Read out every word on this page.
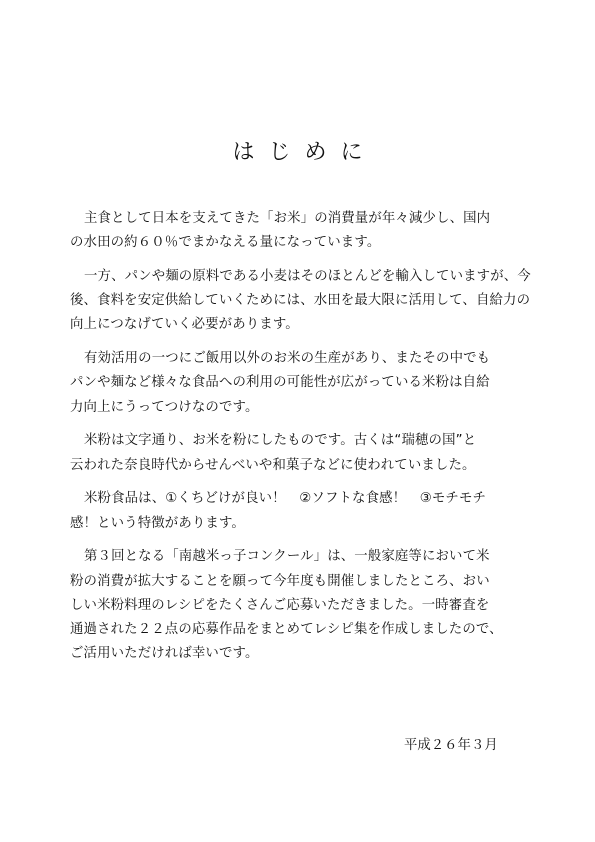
はじめに

主食として日本を支えてきた「お米」の消費量が年々減少し、国内
の水田の約６０％でまかなえる量になっています。

一方、パンや麺の原料である小麦はそのほとんどを輸入していますが、今後、食料を安定供給していくためには、水田を最大限に活用して、自給力の向上につなげていく必要があります。

有効活用の一つにご飯用以外のお米の生産があり、またその中でも
パンや麺など様々な食品への利用の可能性が広がっている米粉は自給
力向上にうってつけなのです。

米粉は文字通り、お米を粉にしたものです。古くは“瑞穂の国”と
云われた奈良時代からせんべいや和菓子などに使われていました。

米粉食品は、①くちどけが良い！　②ソフトな食感！　③モチモチ
感！という特徴があります。

第３回となる「南越米っ子コンクール」は、一般家庭等において米
粉の消費が拡大することを願って今年度も開催しましたところ、おい
しい米粉料理のレシピをたくさんご応募いただきました。一時審査を
通過された２２点の応募作品をまとめてレシピ集を作成しましたので、
ご活用いただければ幸いです。

平成２６年３月
